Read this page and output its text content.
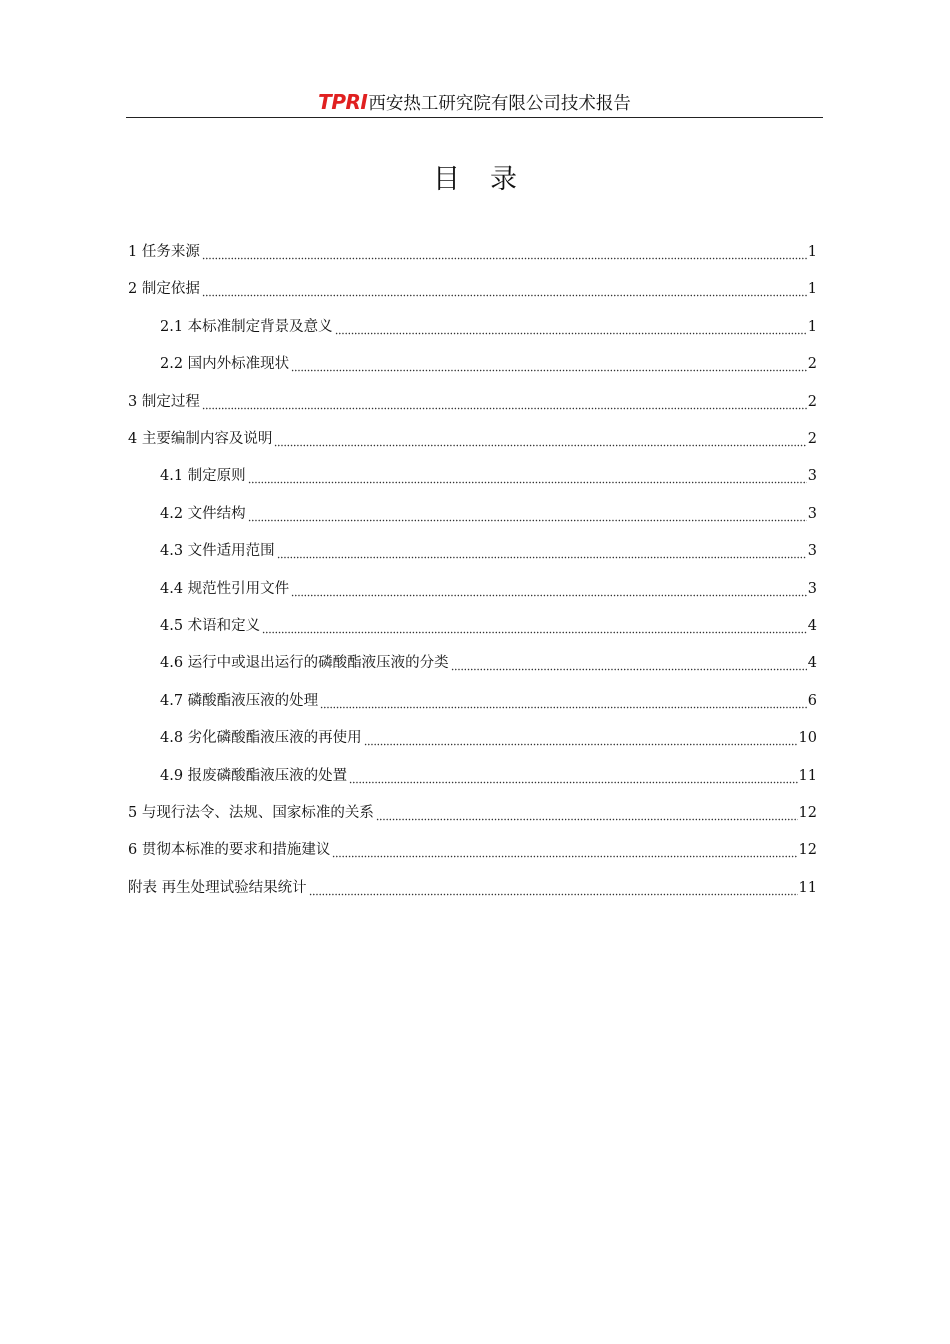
TPRI西安热工研究院有限公司技术报告
目录
1 任务来源	1
2 制定依据	1
2.1 本标准制定背景及意义	1
2.2 国内外标准现状	2
3 制定过程	2
4 主要编制内容及说明	2
4.1 制定原则	3
4.2 文件结构	3
4.3 文件适用范围	3
4.4 规范性引用文件	3
4.5 术语和定义	4
4.6 运行中或退出运行的磷酸酯液压液的分类	4
4.7 磷酸酯液压液的处理	6
4.8 劣化磷酸酯液压液的再使用	10
4.9 报废磷酸酯液压液的处置	11
5 与现行法令、法规、国家标准的关系	12
6 贯彻本标准的要求和措施建议	12
附表 再生处理试验结果统计	11
